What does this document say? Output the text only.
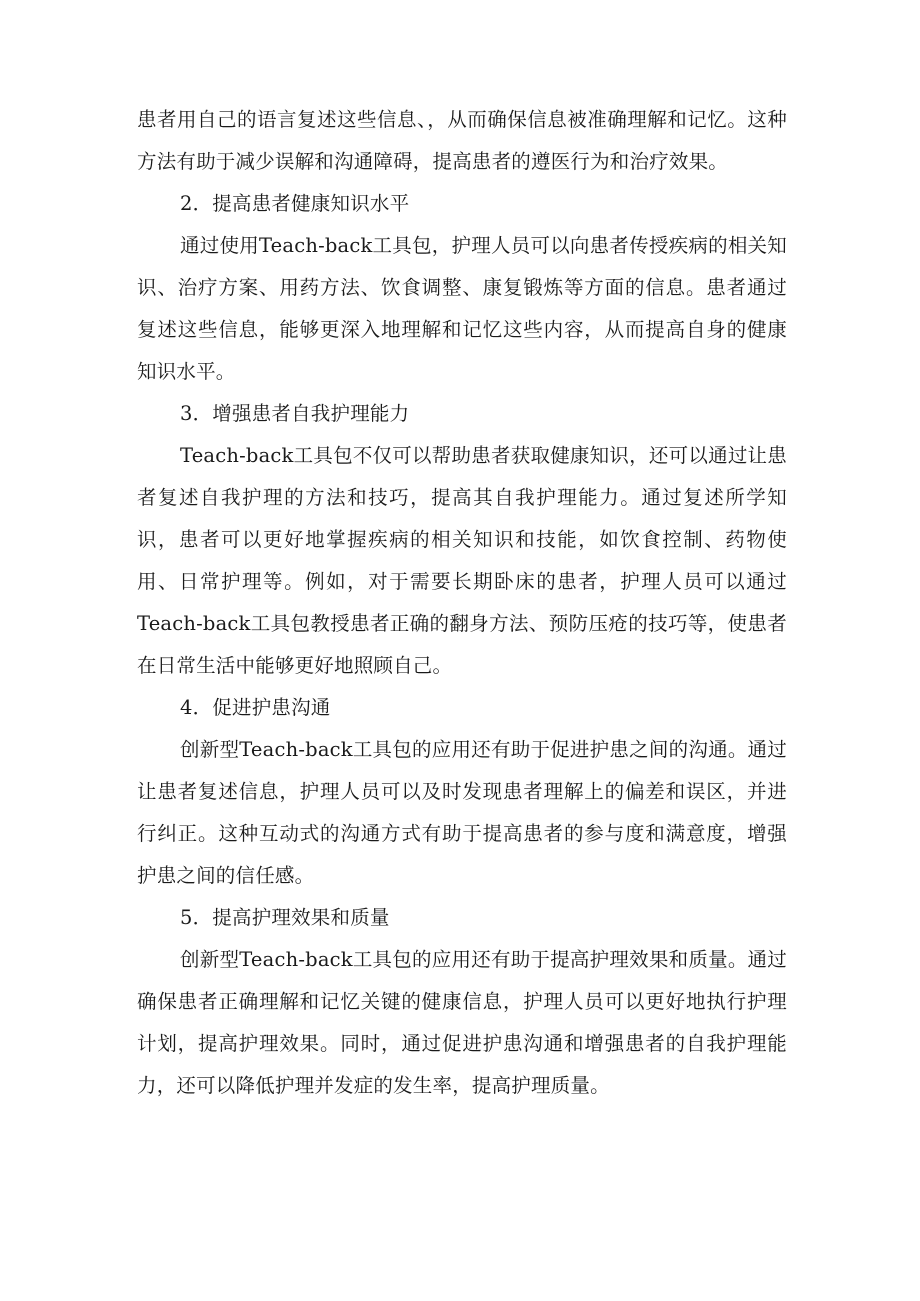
患者用自己的语言复述这些信息、，从而确保信息被准确理解和记忆。这种方法有助于减少误解和沟通障碍，提高患者的遵医行为和治疗效果。

2．提高患者健康知识水平

通过使用Teach-back工具包，护理人员可以向患者传授疾病的相关知识、治疗方案、用药方法、饮食调整、康复锻炼等方面的信息。患者通过复述这些信息，能够更深入地理解和记忆这些内容，从而提高自身的健康知识水平。

3．增强患者自我护理能力

Teach-back工具包不仅可以帮助患者获取健康知识，还可以通过让患者复述自我护理的方法和技巧，提高其自我护理能力。通过复述所学知识，患者可以更好地掌握疾病的相关知识和技能，如饮食控制、药物使用、日常护理等。例如，对于需要长期卧床的患者，护理人员可以通过Teach-back工具包教授患者正确的翻身方法、预防压疮的技巧等，使患者在日常生活中能够更好地照顾自己。

4．促进护患沟通

创新型Teach-back工具包的应用还有助于促进护患之间的沟通。通过让患者复述信息，护理人员可以及时发现患者理解上的偏差和误区，并进行纠正。这种互动式的沟通方式有助于提高患者的参与度和满意度，增强护患之间的信任感。

5．提高护理效果和质量

创新型Teach-back工具包的应用还有助于提高护理效果和质量。通过确保患者正确理解和记忆关键的健康信息，护理人员可以更好地执行护理计划，提高护理效果。同时，通过促进护患沟通和增强患者的自我护理能力，还可以降低护理并发症的发生率，提高护理质量。
